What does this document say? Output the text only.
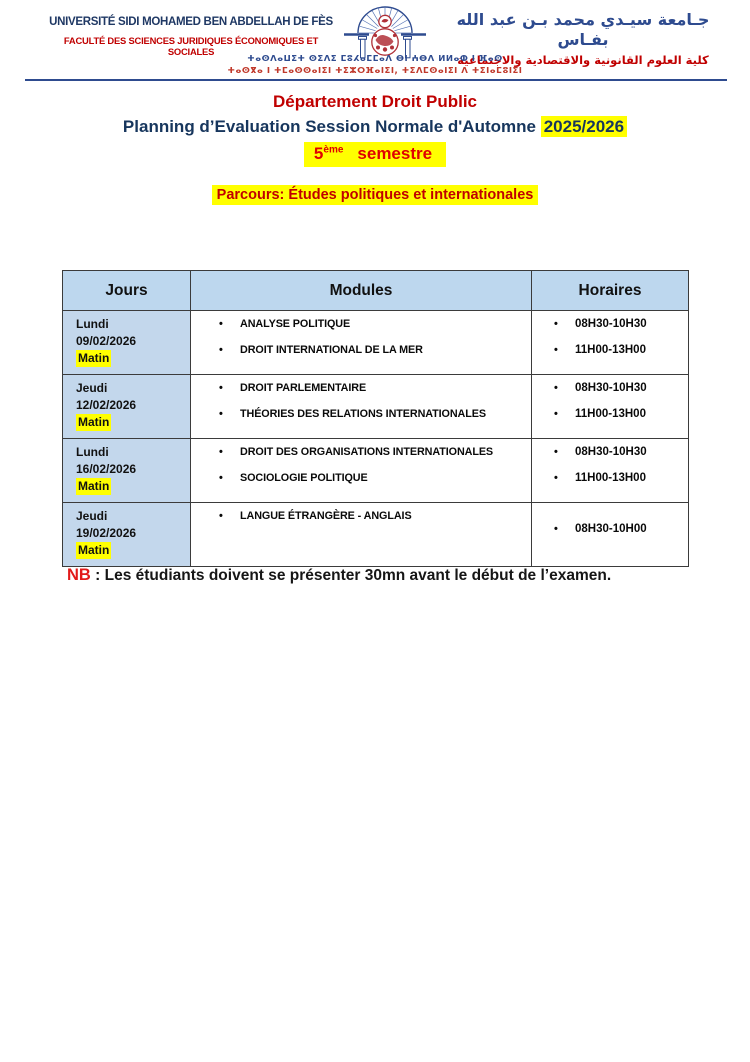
UNIVERSITÉ SIDI MOHAMED BEN ABDELLAH DE FÈS
FACULTÉ DES SCIENCES JURIDIQUES ÉCONOMIQUES ET SOCIALES
جـامعة سيـدي محمد بـن عبد الله بفـاس
كلية العلوم القانونية والاقتصادية والاجتماعية
ⵜⴰⵙⴷⴰⵡⵉⵜ ⵙⵉⴷⵉ ⵎⵓⵃⴰⵎⵎⴰⴷ ⴱⵏ ⵄⴱⴷ ⵍⵍⴰⵀ ⵏ ⴼⴰⵙ
ⵜⴰⵙⴳⴰ ⵏ ⵜⵎⴰⵙⵙⴰⵏⵉⵏ ⵜⵉⵣⵔⴼⴰⵏⵉⵏ, ⵜⵉⴷⵎⵙⴰⵏⵉⵏ ⴷ ⵜⵉⵏⴰⵎⵓⵏⵉⵏ
Département Droit Public
Planning d’Evaluation Session Normale d'Automne 2025/2026
5ème semestre
Parcours: Études politiques et internationales
Jours	Modules	Horaires

Lundi
09/02/2026
Matin

• ANALYSE POLITIQUE
• DROIT INTERNATIONAL DE LA MER

• 08H30-10H30
• 11H00-13H00

Jeudi
12/02/2026
Matin

• DROIT PARLEMENTAIRE
• THÉORIES DES RELATIONS INTERNATIONALES

• 08H30-10H30
• 11H00-13H00

Lundi
16/02/2026
Matin

• DROIT DES ORGANISATIONS INTERNATIONALES
• SOCIOLOGIE POLITIQUE

• 08H30-10H30
• 11H00-13H00

Jeudi
19/02/2026
Matin

• LANGUE ÉTRANGÈRE - ANGLAIS

• 08H30-10H00
NB : Les étudiants doivent se présenter 30mn avant le début de l’examen.
